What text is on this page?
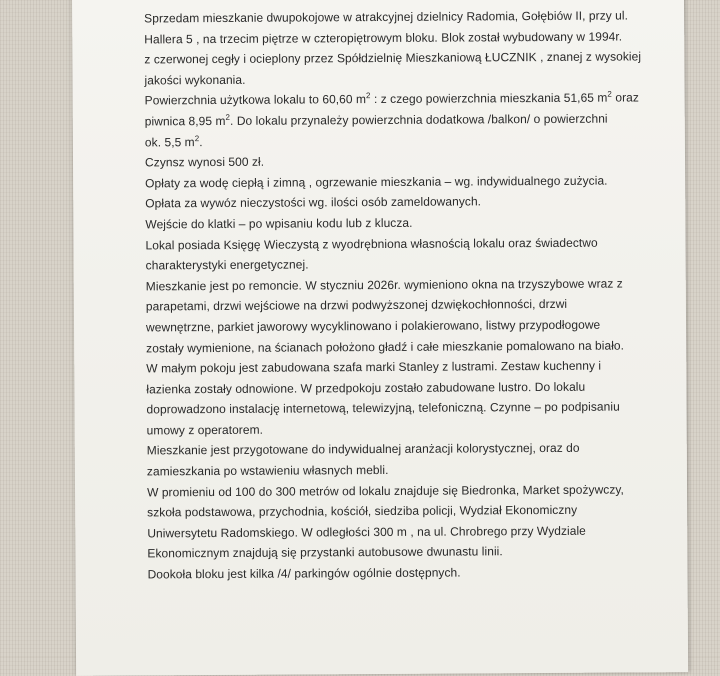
Sprzedam mieszkanie dwupokojowe w atrakcyjnej dzielnicy Radomia, Gołębiów II, przy ul.
Hallera 5 , na trzecim piętrze w czteropiętrowym bloku. Blok został wybudowany w 1994r.
z czerwonej cegły i ocieplony przez Spółdzielnię Mieszkaniową ŁUCZNIK , znanej z wysokiej
jakości wykonania.
Powierzchnia użytkowa lokalu to 60,60 $m^2$ : z czego powierzchnia mieszkania 51,65 $m^2$ oraz
piwnica 8,95 $m^2$. Do lokalu przynależy powierzchnia dodatkowa /balkon/ o powierzchni
ok. 5,5 $m^2$.
Czynsz wynosi 500 zł.
Opłaty za wodę ciepłą i zimną , ogrzewanie mieszkania – wg. indywidualnego zużycia.
Opłata za wywóz nieczystości wg. ilości osób zameldowanych.
Wejście do klatki – po wpisaniu kodu lub z klucza.
Lokal posiada Księgę Wieczystą z wyodrębniona własnością lokalu oraz świadectwo
charakterystyki energetycznej.
Mieszkanie jest po remoncie. W styczniu 2026r. wymieniono okna na trzyszybowe wraz z
parapetami, drzwi wejściowe na drzwi podwyższonej dzwiękochłonności, drzwi
wewnętrzne, parkiet jaworowy wycyklinowano i polakierowano, listwy przypodłogowe
zostały wymienione, na ścianach położono gładź i całe mieszkanie pomalowano na biało.
W małym pokoju jest zabudowana szafa marki Stanley z lustrami. Zestaw kuchenny i
łazienka zostały odnowione. W przedpokoju zostało zabudowane lustro. Do lokalu
doprowadzono instalację internetową, telewizyjną, telefoniczną. Czynne – po podpisaniu
umowy z operatorem.
Mieszkanie jest przygotowane do indywidualnej aranżacji kolorystycznej, oraz do
zamieszkania po wstawieniu własnych mebli.
W promieniu od 100 do 300 metrów od lokalu znajduje się Biedronka, Market spożywczy,
szkoła podstawowa, przychodnia, kościół, siedziba policji, Wydział Ekonomiczny
Uniwersytetu Radomskiego. W odległości 300 m , na ul. Chrobrego przy Wydziale
Ekonomicznym znajdują się przystanki autobusowe dwunastu linii.
Dookoła bloku jest kilka /4/ parkingów ogólnie dostępnych.
